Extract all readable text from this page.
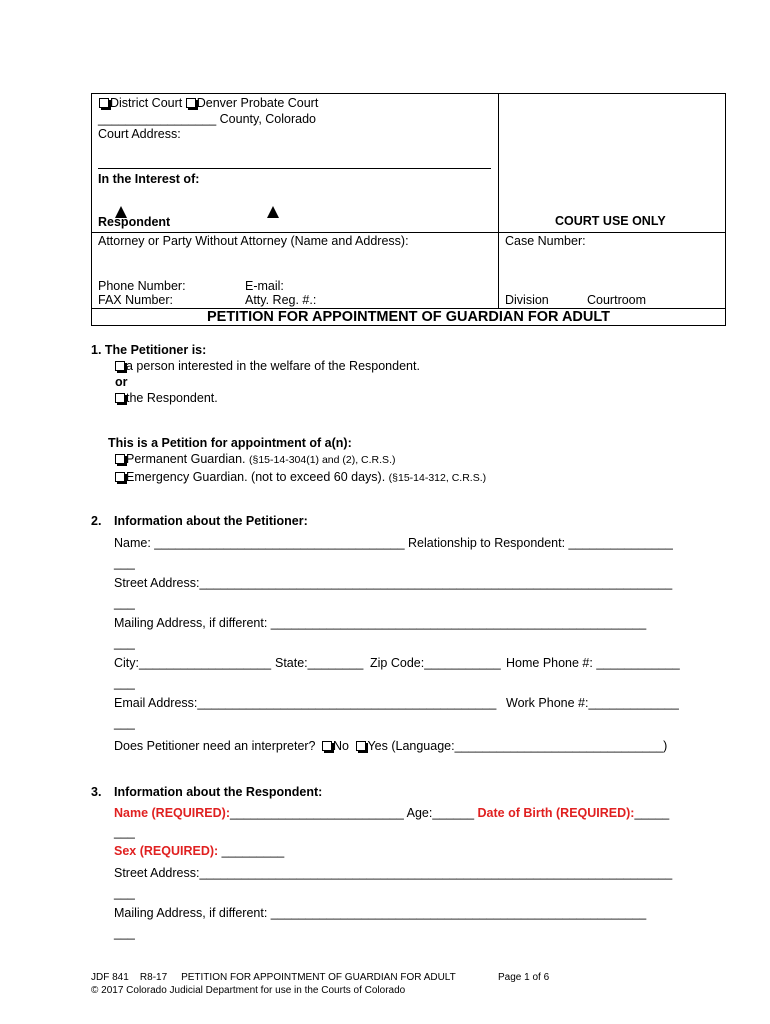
District Court Denver Probate Court
_________________ County, Colorado
Court Address:
In the Interest of:
Respondent	COURT USE ONLY
Attorney or Party Without Attorney (Name and Address):	Case Number:
Phone Number:	E-mail:
FAX Number:	Atty. Reg. #.:	Division	Courtroom
PETITION FOR APPOINTMENT OF GUARDIAN FOR ADULT
1. The Petitioner is:
a person interested in the welfare of the Respondent.
or
the Respondent.
This is a Petition for appointment of a(n):
Permanent Guardian. (§15-14-304(1) and (2), C.R.S.)
Emergency Guardian. (not to exceed 60 days). (§15-14-312, C.R.S.)
2. Information about the Petitioner:
Name: ____________________________________ Relationship to Respondent: _______________
___
Street Address:____________________________________________________________________
___
Mailing Address, if different: ______________________________________________________
___
City:___________________ State:________ Zip Code:___________ Home Phone #: ____________
___
Email Address:___________________________________________ Work Phone #:_____________
___
Does Petitioner need an interpreter? No Yes (Language:______________________________)
3. Information about the Respondent:
Name (REQUIRED):_________________________ Age:______ Date of Birth (REQUIRED):_____
___
Sex (REQUIRED): _________
Street Address:____________________________________________________________________
___
Mailing Address, if different: ______________________________________________________
___
JDF 841 R8-17 PETITION FOR APPOINTMENT OF GUARDIAN FOR ADULT	Page 1 of 6
© 2017 Colorado Judicial Department for use in the Courts of Colorado
